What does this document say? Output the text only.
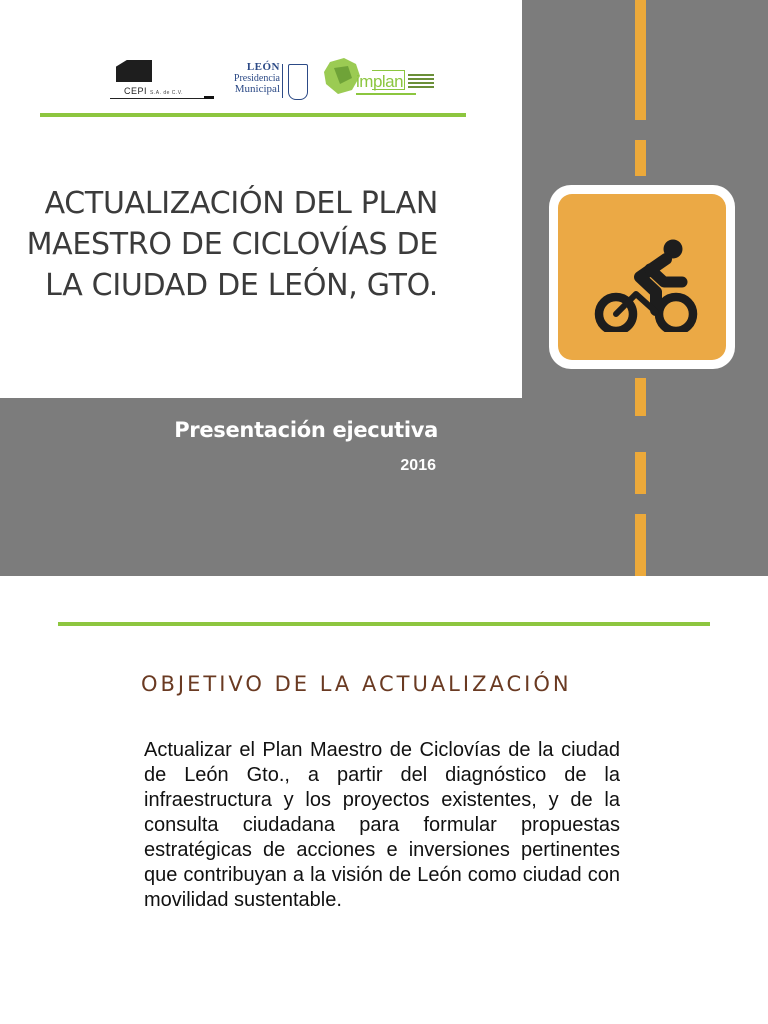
CEPI S.A. de C.V.
LEÓN
Presidencia
Municipal	implan
ACTUALIZACIÓN DEL PLAN MAESTRO DE CICLOVÍAS DE LA CIUDAD DE LEÓN, GTO.
Presentación ejecutiva
2016
OBJETIVO DE LA ACTUALIZACIÓN

Actualizar el Plan Maestro de Ciclovías de la ciudad de León Gto., a partir del diagnóstico de la infraestructura y los proyectos existentes, y de la consulta ciudadana para formular propuestas estratégicas de acciones e inversiones pertinentes que contribuyan a la visión de León como ciudad con movilidad sustentable.
